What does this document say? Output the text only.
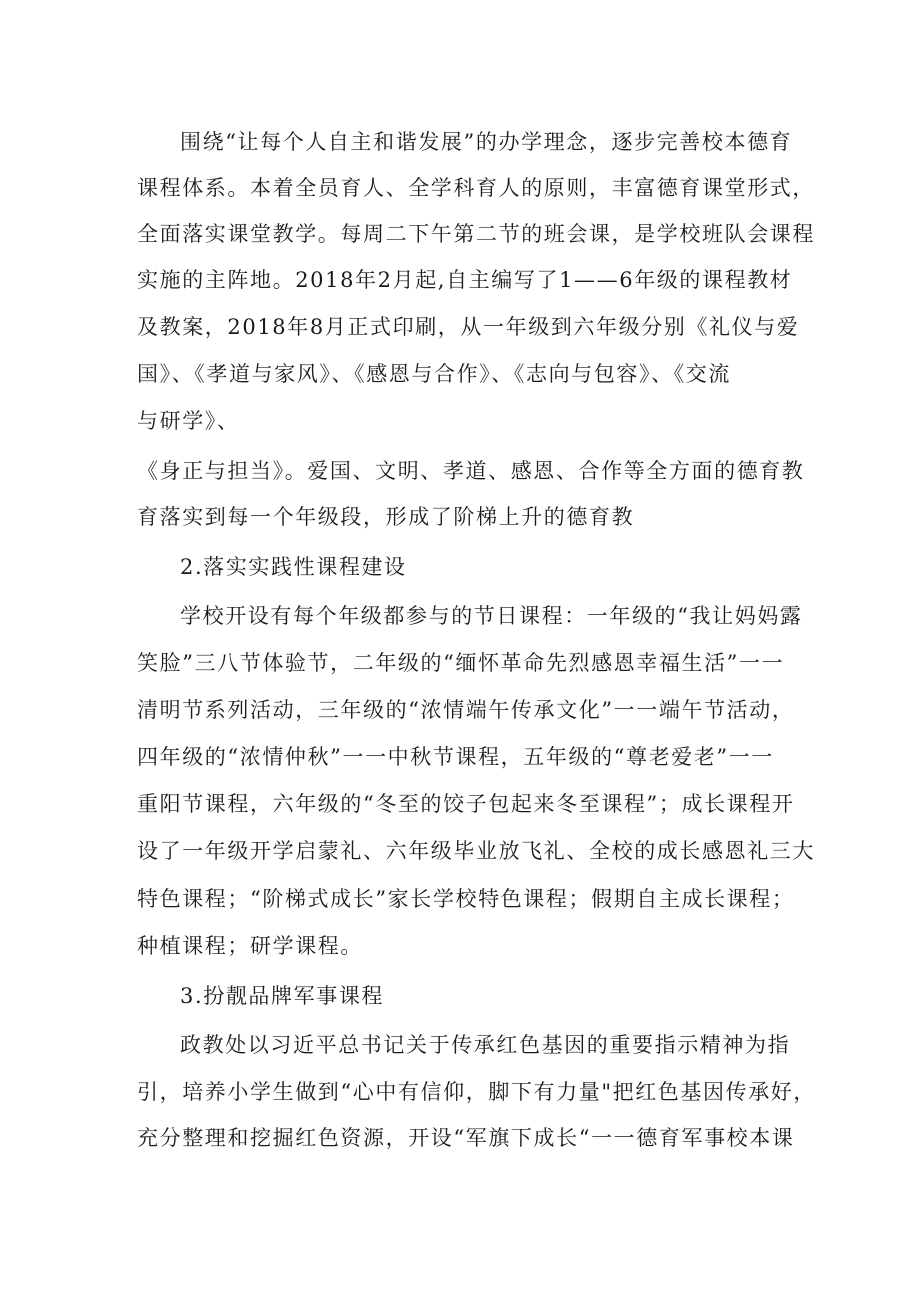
围绕“让每个人自主和谐发展”的办学理念，逐步完善校本德育
课程体系。本着全员育人、全学科育人的原则，丰富德育课堂形式，
全面落实课堂教学。每周二下午第二节的班会课，是学校班队会课程
实施的主阵地。2018年2月起,自主编写了1——6年级的课程教材
及教案，2018年8月正式印刷，从一年级到六年级分别《礼仪与爱
国》、《孝道与家风》、《感恩与合作》、《志向与包容》、《交流
与研学》、
《身正与担当》。爱国、文明、孝道、感恩、合作等全方面的德育教
育落实到每一个年级段，形成了阶梯上升的德育教
2.落实实践性课程建设
学校开设有每个年级都参与的节日课程：一年级的“我让妈妈露
笑脸”三八节体验节，二年级的“缅怀革命先烈感恩幸福生活”一一
清明节系列活动，三年级的“浓情端午传承文化”一一端午节活动，
四年级的“浓情仲秋”一一中秋节课程，五年级的“尊老爱老”一一
重阳节课程，六年级的“冬至的饺子包起来冬至课程”；成长课程开
设了一年级开学启蒙礼、六年级毕业放飞礼、全校的成长感恩礼三大
特色课程；“阶梯式成长”家长学校特色课程；假期自主成长课程；
种植课程；研学课程。
3.扮靓品牌军事课程
政教处以习近平总书记关于传承红色基因的重要指示精神为指
引，培养小学生做到“心中有信仰，脚下有力量"把红色基因传承好，
充分整理和挖掘红色资源，开设“军旗下成长“一一德育军事校本课
